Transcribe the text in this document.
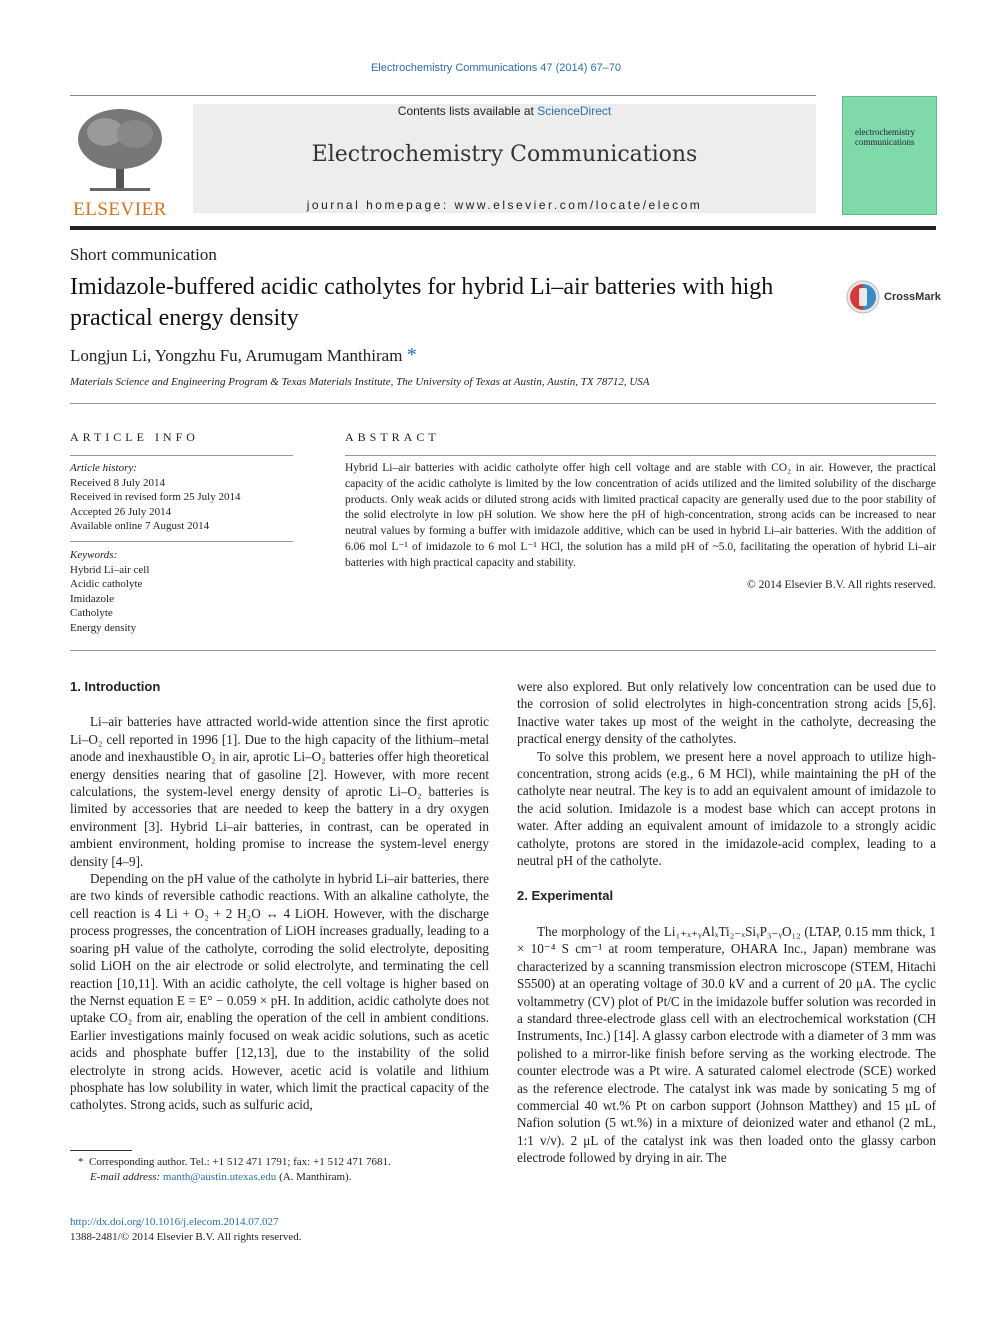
Electrochemistry Communications 47 (2014) 67–70
ELSEVIER
Contents lists available at ScienceDirect
Electrochemistry Communications
journal homepage: www.elsevier.com/locate/elecom
electrochemistry
communications
Short communication
Imidazole-buffered acidic catholytes for hybrid Li–air batteries with high practical energy density
CrossMark
Longjun Li, Yongzhu Fu, Arumugam Manthiram *
Materials Science and Engineering Program & Texas Materials Institute, The University of Texas at Austin, Austin, TX 78712, USA
ARTICLE INFO
Article history:
Received 8 July 2014
Received in revised form 25 July 2014
Accepted 26 July 2014
Available online 7 August 2014
Keywords:
Hybrid Li–air cell
Acidic catholyte
Imidazole
Catholyte
Energy density
ABSTRACT
Hybrid Li–air batteries with acidic catholyte offer high cell voltage and are stable with CO₂ in air. However, the practical capacity of the acidic catholyte is limited by the low concentration of acids utilized and the limited solubility of the discharge products. Only weak acids or diluted strong acids with limited practical capacity are generally used due to the poor stability of the solid electrolyte in low pH solution. We show here the pH of high-concentration, strong acids can be increased to near neutral values by forming a buffer with imidazole additive, which can be used in hybrid Li–air batteries. With the addition of 6.06 mol L⁻¹ of imidazole to 6 mol L⁻¹ HCl, the solution has a mild pH of ~5.0, facilitating the operation of hybrid Li–air batteries with high practical capacity and stability.
© 2014 Elsevier B.V. All rights reserved.
1. Introduction

Li–air batteries have attracted world-wide attention since the first aprotic Li–O₂ cell reported in 1996 [1]. Due to the high capacity of the lithium–metal anode and inexhaustible O₂ in air, aprotic Li–O₂ batteries offer high theoretical energy densities nearing that of gasoline [2]. However, with more recent calculations, the system-level energy density of aprotic Li–O₂ batteries is limited by accessories that are needed to keep the battery in a dry oxygen environment [3]. Hybrid Li–air batteries, in contrast, can be operated in ambient environment, holding promise to increase the system-level energy density [4–9].

Depending on the pH value of the catholyte in hybrid Li–air batteries, there are two kinds of reversible cathodic reactions. With an alkaline catholyte, the cell reaction is 4 Li + O₂ + 2 H₂O ↔ 4 LiOH. However, with the discharge process progresses, the concentration of LiOH increases gradually, leading to a soaring pH value of the catholyte, corroding the solid electrolyte, depositing solid LiOH on the air electrode or solid electrolyte, and terminating the cell reaction [10,11]. With an acidic catholyte, the cell voltage is higher based on the Nernst equation E = E° − 0.059 × pH. In addition, acidic catholyte does not uptake CO₂ from air, enabling the operation of the cell in ambient conditions. Earlier investigations mainly focused on weak acidic solutions, such as acetic acids and phosphate buffer [12,13], due to the instability of the solid electrolyte in strong acids. However, acetic acid is volatile and lithium phosphate has low solubility in water, which limit the practical capacity of the catholytes. Strong acids, such as sulfuric acid,

were also explored. But only relatively low concentration can be used due to the corrosion of solid electrolytes in high-concentration strong acids [5,6]. Inactive water takes up most of the weight in the catholyte, decreasing the practical energy density of the catholytes.

To solve this problem, we present here a novel approach to utilize high-concentration, strong acids (e.g., 6 M HCl), while maintaining the pH of the catholyte near neutral. The key is to add an equivalent amount of imidazole to the acid solution. Imidazole is a modest base which can accept protons in water. After adding an equivalent amount of imidazole to a strongly acidic catholyte, protons are stored in the imidazole-acid complex, leading to a neutral pH of the catholyte.

2. Experimental

The morphology of the Li₁₊ₓ₊ᵧAlₓTi₂₋ₓSiᵧP₃₋ᵧO₁₂ (LTAP, 0.15 mm thick, 1 × 10⁻⁴ S cm⁻¹ at room temperature, OHARA Inc., Japan) membrane was characterized by a scanning transmission electron microscope (STEM, Hitachi S5500) at an operating voltage of 30.0 kV and a current of 20 μA. The cyclic voltammetry (CV) plot of Pt/C in the imidazole buffer solution was recorded in a standard three-electrode glass cell with an electrochemical workstation (CH Instruments, Inc.) [14]. A glassy carbon electrode with a diameter of 3 mm was polished to a mirror-like finish before serving as the working electrode. The counter electrode was a Pt wire. A saturated calomel electrode (SCE) worked as the reference electrode. The catalyst ink was made by sonicating 5 mg of commercial 40 wt.% Pt on carbon support (Johnson Matthey) and 15 μL of Nafion solution (5 wt.%) in a mixture of deionized water and ethanol (2 mL, 1:1 v/v). 2 μL of the catalyst ink was then loaded onto the glassy carbon electrode followed by drying in air. The

* Corresponding author. Tel.: +1 512 471 1791; fax: +1 512 471 7681.
E-mail address: manth@austin.utexas.edu (A. Manthiram).
http://dx.doi.org/10.1016/j.elecom.2014.07.027
1388-2481/© 2014 Elsevier B.V. All rights reserved.
